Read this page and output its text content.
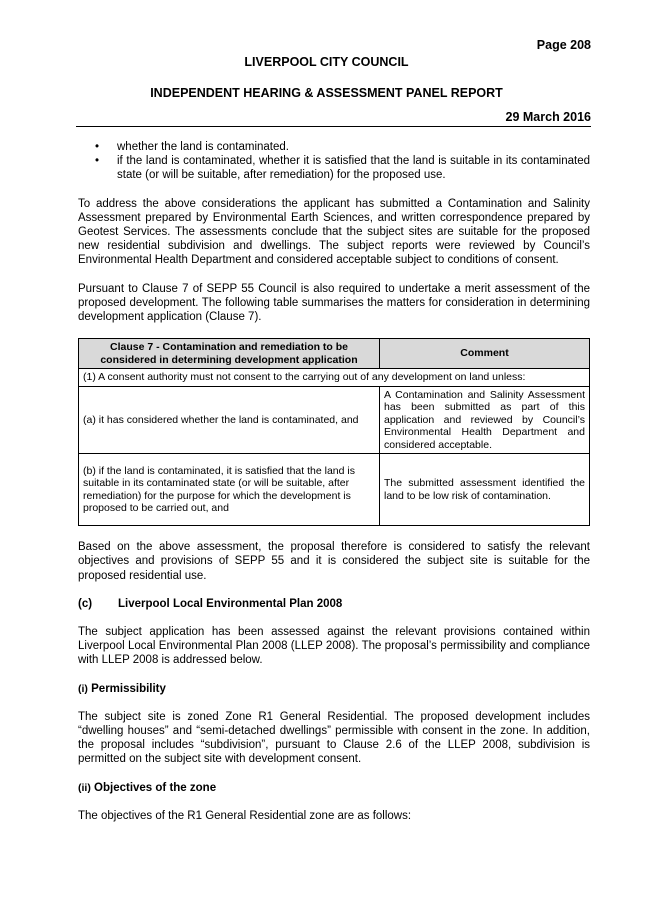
Page 208
LIVERPOOL CITY COUNCIL
INDEPENDENT HEARING & ASSESSMENT PANEL REPORT
29 March 2016
• whether the land is contaminated.
• if the land is contaminated, whether it is satisfied that the land is suitable in its contaminated state (or will be suitable, after remediation) for the proposed use.

To address the above considerations the applicant has submitted a Contamination and Salinity Assessment prepared by Environmental Earth Sciences, and written correspondence prepared by Geotest Services. The assessments conclude that the subject sites are suitable for the proposed new residential subdivision and dwellings. The subject reports were reviewed by Council’s Environmental Health Department and considered acceptable subject to conditions of consent.

Pursuant to Clause 7 of SEPP 55 Council is also required to undertake a merit assessment of the proposed development. The following table summarises the matters for consideration in determining development application (Clause 7).

Clause 7 - Contamination and remediation to be considered in determining development application	Comment
(1) A consent authority must not consent to the carrying out of any development on land unless:	
(a) it has considered whether the land is contaminated, and	A Contamination and Salinity Assessment has been submitted as part of this application and reviewed by Council’s Environmental Health Department and considered acceptable.
(b) if the land is contaminated, it is satisfied that the land is suitable in its contaminated state (or will be suitable, after remediation) for the purpose for which the development is proposed to be carried out, and	The submitted assessment identified the land to be low risk of contamination.

Based on the above assessment, the proposal therefore is considered to satisfy the relevant objectives and provisions of SEPP 55 and it is considered the subject site is suitable for the proposed residential use.

(c) Liverpool Local Environmental Plan 2008

The subject application has been assessed against the relevant provisions contained within Liverpool Local Environmental Plan 2008 (LLEP 2008). The proposal’s permissibility and compliance with LLEP 2008 is addressed below.

(i) Permissibility

The subject site is zoned Zone R1 General Residential. The proposed development includes “dwelling houses” and “semi-detached dwellings” permissible with consent in the zone. In addition, the proposal includes “subdivision”, pursuant to Clause 2.6 of the LLEP 2008, subdivision is permitted on the subject site with development consent.

(ii) Objectives of the zone

The objectives of the R1 General Residential zone are as follows:
